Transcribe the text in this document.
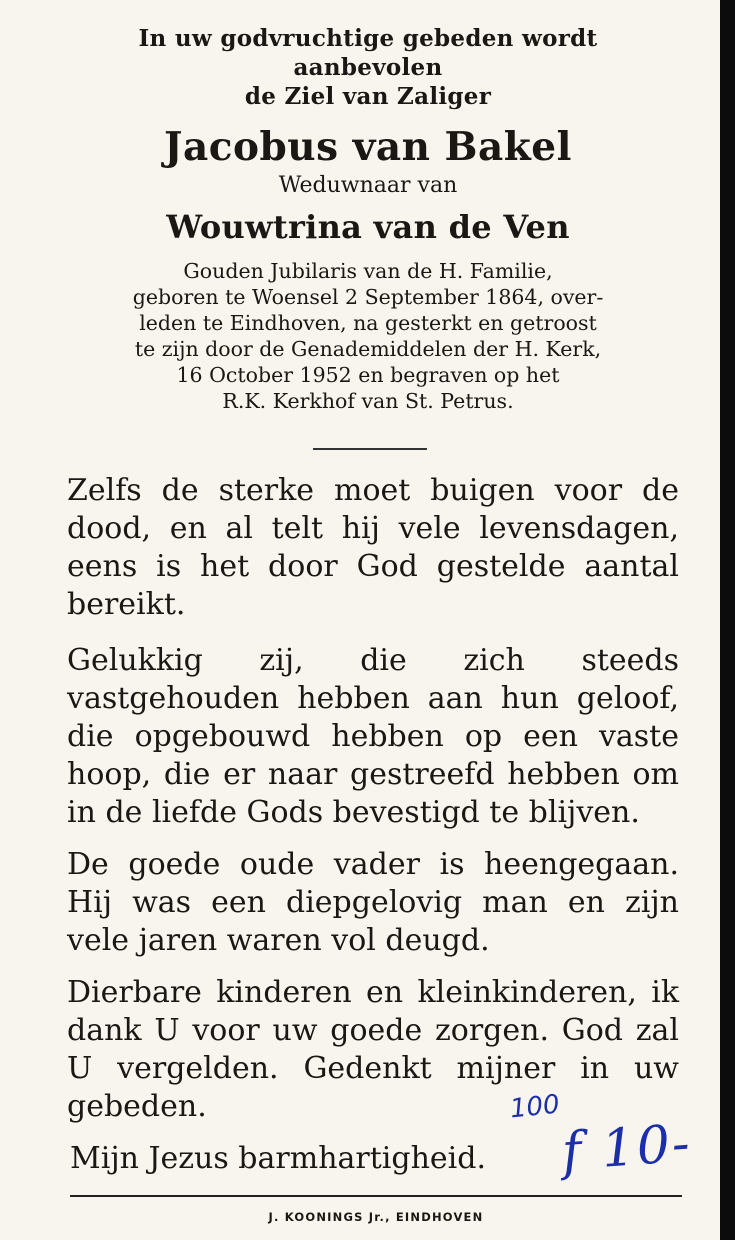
In uw godvruchtige gebeden wordt
aanbevolen
de Ziel van Zaliger
Jacobus van Bakel
Weduwnaar van
Wouwtrina van de Ven
Gouden Jubilaris van de H. Familie,
geboren te Woensel 2 September 1864, over-
leden te Eindhoven, na gesterkt en getroost
te zijn door de Genademiddelen der H. Kerk,
16 October 1952 en begraven op het
R.K. Kerkhof van St. Petrus.
Zelfs de sterke moet buigen voor de dood, en al telt hij vele levensdagen, eens is het door God gestelde aantal bereikt.
Gelukkig zij, die zich steeds vastgehouden hebben aan hun geloof, die opgebouwd hebben op een vaste hoop, die er naar gestreefd hebben om in de liefde Gods bevestigd te blijven.
De goede oude vader is heengegaan. Hij was een diepgelovig man en zijn vele jaren waren vol deugd.
Dierbare kinderen en kleinkinderen, ik dank U voor uw goede zorgen. God zal U vergelden. Gedenkt mijner in uw gebeden.
Mijn Jezus barmhartigheid.
100
f 10-
J. KOONINGS Jr., EINDHOVEN
